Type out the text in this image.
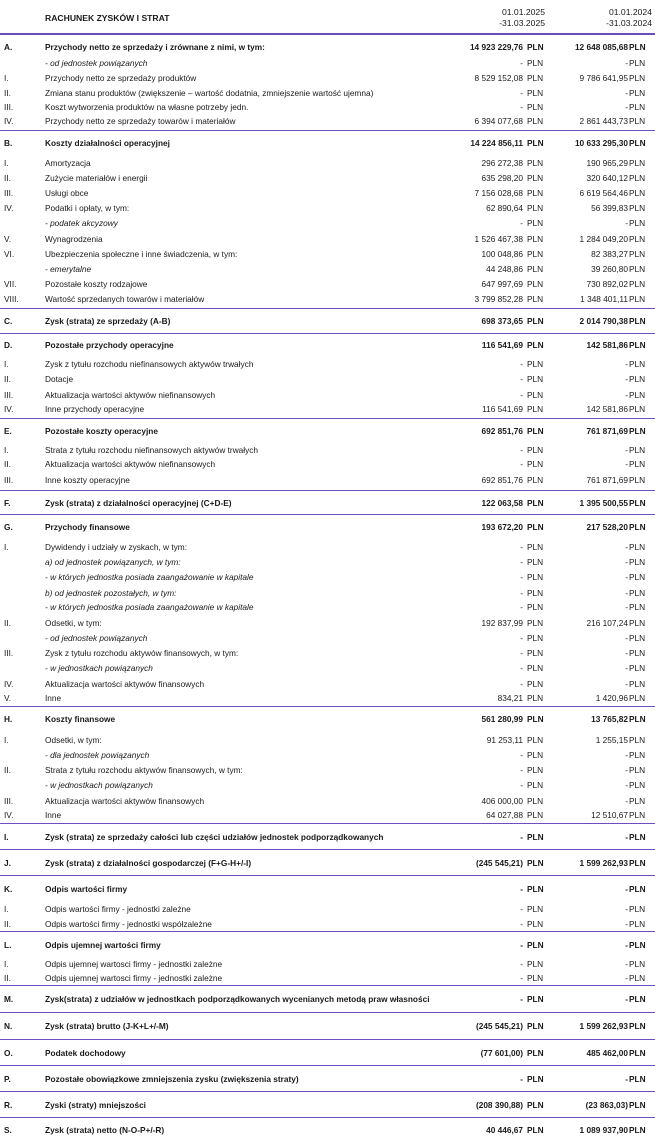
RACHUNEK ZYSKÓW I STRAT
01.01.2025
-31.03.2025
01.01.2024
-31.03.2024
A.	Przychody netto ze sprzedaży i zrównane z nimi, w tym:	14 923 229,76 PLN	12 648 085,68 PLN
- od jednostek powiązanych	- PLN	- PLN
I.	Przychody netto ze sprzedaży produktów	8 529 152,08 PLN	9 786 641,95 PLN
II.	Zmiana stanu produktów (zwiększenie – wartość dodatnia, zmniejszenie wartość ujemna)	- PLN	- PLN
III.	Koszt wytworzenia produktów na własne potrzeby jedn.	- PLN	- PLN
IV.	Przychody netto ze sprzedaży towarów i materiałów	6 394 077,68 PLN	2 861 443,73 PLN
B.	Koszty działalności operacyjnej	14 224 856,11 PLN	10 633 295,30 PLN
I.	Amortyzacja	296 272,38 PLN	190 965,29 PLN
II.	Zużycie materiałów i energii	635 298,20 PLN	320 640,12 PLN
III.	Usługi obce	7 156 028,68 PLN	6 619 564,46 PLN
IV.	Podatki i opłaty, w tym:	62 890,64 PLN	56 399,83 PLN
- podatek akcyzowy	- PLN	- PLN
V.	Wynagrodzenia	1 526 467,38 PLN	1 284 049,20 PLN
VI.	Ubezpieczenia społeczne i inne świadczenia, w tym:	100 048,86 PLN	82 383,27 PLN
- emerytalne	44 248,86 PLN	39 260,80 PLN
VII.	Pozostałe koszty rodzajowe	647 997,69 PLN	730 892,02 PLN
VIII.	Wartość sprzedanych towarów i materiałów	3 799 852,28 PLN	1 348 401,11 PLN
C.	Zysk (strata) ze sprzedaży (A-B)	698 373,65 PLN	2 014 790,38 PLN
D.	Pozostałe przychody operacyjne	116 541,69 PLN	142 581,86 PLN
I.	Zysk z tytułu rozchodu niefinansowych aktywów trwałych	- PLN	- PLN
II.	Dotacje	- PLN	- PLN
III.	Aktualizacja wartości aktywów niefinansowych	- PLN	- PLN
IV.	Inne przychody operacyjne	116 541,69 PLN	142 581,86 PLN
E.	Pozostałe koszty operacyjne	692 851,76 PLN	761 871,69 PLN
I.	Strata z tytułu rozchodu niefinansowych aktywów trwałych	- PLN	- PLN
II.	Aktualizacja wartości aktywów niefinansowych	- PLN	- PLN
III.	Inne koszty operacyjne	692 851,76 PLN	761 871,69 PLN
F.	Zysk (strata) z działalności operacyjnej (C+D-E)	122 063,58 PLN	1 395 500,55 PLN
G.	Przychody finansowe	193 672,20 PLN	217 528,20 PLN
I.	Dywidendy i udziały w zyskach, w tym:	- PLN	- PLN
a) od jednostek powiązanych, w tym:	- PLN	- PLN
- w których jednostka posiada zaangażowanie w kapitale	- PLN	- PLN
b) od jednostek pozostałych, w tym:	- PLN	- PLN
- w których jednostka posiada zaangażowanie w kapitale	- PLN	- PLN
II.	Odsetki, w tym:	192 837,99 PLN	216 107,24 PLN
- od jednostek powiązanych	- PLN	- PLN
III.	Zysk z tytułu rozchodu aktywów finansowych, w tym:	- PLN	- PLN
- w jednostkach powiązanych	- PLN	- PLN
IV.	Aktualizacja wartości aktywów finansowych	- PLN	- PLN
V.	Inne	834,21 PLN	1 420,96 PLN
H.	Koszty finansowe	561 280,99 PLN	13 765,82 PLN
I.	Odsetki, w tym:	91 253,11 PLN	1 255,15 PLN
- dla jednostek powiązanych	- PLN	- PLN
II.	Strata z tytułu rozchodu aktywów finansowych, w tym:	- PLN	- PLN
- w jednostkach powiązanych	- PLN	- PLN
III.	Aktualizacja wartości aktywów finansowych	406 000,00 PLN	- PLN
IV.	Inne	64 027,88 PLN	12 510,67 PLN
I.	Zysk (strata) ze sprzedaży całości lub części udziałów jednostek podporządkowanych	- PLN	- PLN
J.	Zysk (strata) z działalności gospodarczej (F+G-H+/-I)	(245 545,21) PLN	1 599 262,93 PLN
K.	Odpis wartości firmy	- PLN	- PLN
I.	Odpis wartości firmy - jednostki zależne	- PLN	- PLN
II.	Odpis wartości firmy - jednostki współzależne	- PLN	- PLN
L.	Odpis ujemnej wartości firmy	- PLN	- PLN
I.	Odpis ujemnej wartosci firmy - jednostki zależne	- PLN	- PLN
II.	Odpis ujemnej wartosci firmy - jednostki zależne	- PLN	- PLN
M.	Zysk(strata) z udziałów w jednostkach podporządkowanych wycenianych metodą praw własności	- PLN	- PLN
N.	Zysk (strata) brutto (J-K+L+/-M)	(245 545,21) PLN	1 599 262,93 PLN
O.	Podatek dochodowy	(77 601,00) PLN	485 462,00 PLN
P.	Pozostałe obowiązkowe zmniejszenia zysku (zwiększenia straty)	- PLN	- PLN
R.	Zyski (straty) mniejszości	(208 390,88) PLN	(23 863,03) PLN
S.	Zysk (strata) netto (N-O-P+/-R)	40 446,67 PLN	1 089 937,90 PLN
